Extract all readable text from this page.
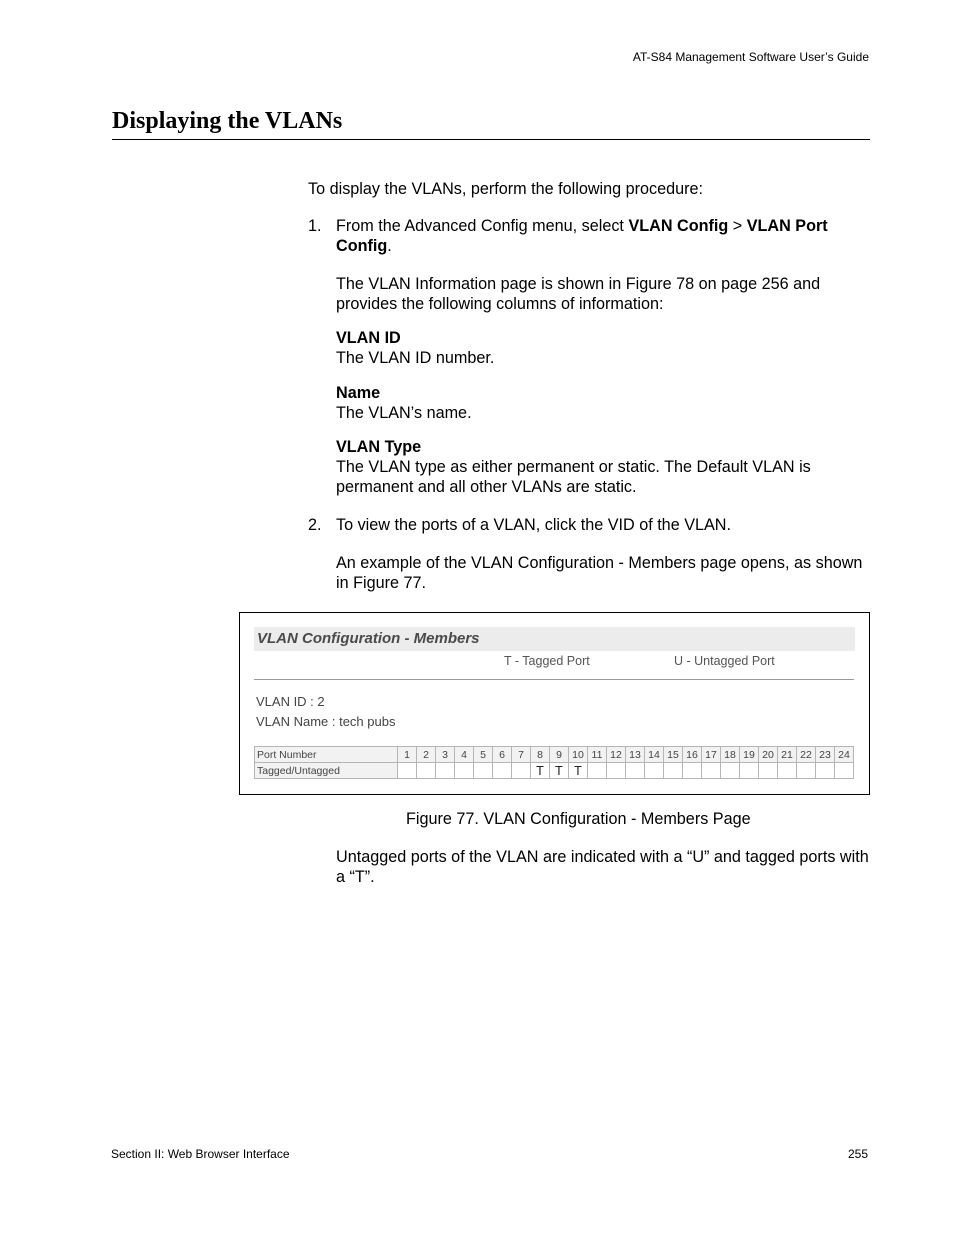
AT-S84 Management Software User’s Guide
Displaying the VLANs
To display the VLANs, perform the following procedure:
1. From the Advanced Config menu, select VLAN Config > VLAN Port Config.
The VLAN Information page is shown in Figure 78 on page 256 and provides the following columns of information:
VLAN ID
The VLAN ID number.
Name
The VLAN’s name.
VLAN Type
The VLAN type as either permanent or static. The Default VLAN is permanent and all other VLANs are static.
2. To view the ports of a VLAN, click the VID of the VLAN.
An example of the VLAN Configuration - Members page opens, as shown in Figure 77.
VLAN Configuration - Members
T - Tagged Port	U - Untagged Port
VLAN ID : 2
VLAN Name : tech pubs
Port Number	1	2	3	4	5	6	7	8	9	10	11	12	13	14	15	16	17	18	19	20	21	22	23	24
Tagged/Untagged								T	T	T														
Figure 77. VLAN Configuration - Members Page
Untagged ports of the VLAN are indicated with a “U” and tagged ports with a “T”.
Section II: Web Browser Interface	255
